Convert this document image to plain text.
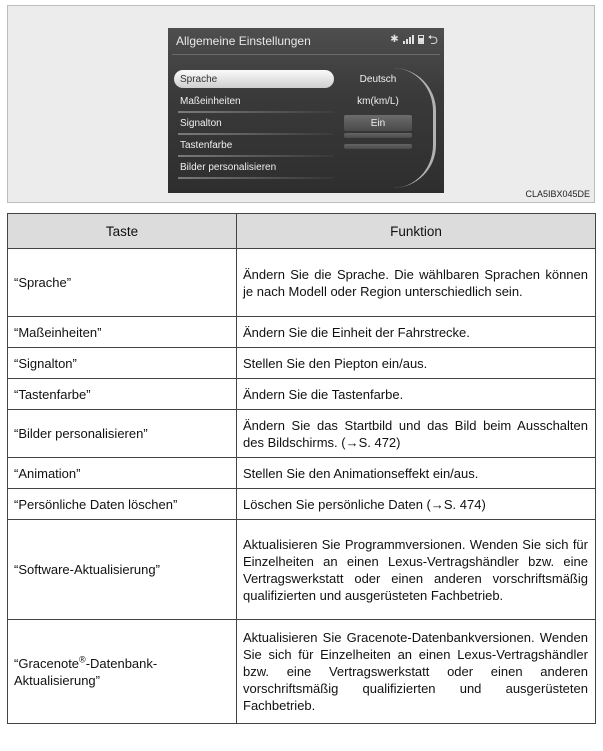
Allgemeine Einstellungen	✱ ⮌
Sprache
Maßeinheiten
Signalton
Tastenfarbe
Bilder personalisieren
Deutsch
km(km/L)
Ein
CLA5IBX045DE
Taste	Funktion
“Sprache”	Ändern Sie die Sprache. Die wählbaren Sprachen können je nach Modell oder Region unterschiedlich sein.
“Maßeinheiten”	Ändern Sie die Einheit der Fahrstrecke.
“Signalton”	Stellen Sie den Piepton ein/aus.
“Tastenfarbe”	Ändern Sie die Tastenfarbe.
“Bilder personalisieren”	Ändern Sie das Startbild und das Bild beim Ausschalten des Bildschirms. (→S. 472)
“Animation”	Stellen Sie den Animationseffekt ein/aus.
“Persönliche Daten löschen”	Löschen Sie persönliche Daten (→S. 474)
“Software-Aktualisierung”	Aktualisieren Sie Programmversionen. Wenden Sie sich für Einzelheiten an einen Lexus-Vertragshändler bzw. eine Vertragswerkstatt oder einen anderen vorschriftsmäßig qualifizierten und ausgerüsteten Fachbetrieb.
“Gracenote®-Datenbank-Aktualisierung”	Aktualisieren Sie Gracenote-Datenbankversionen. Wenden Sie sich für Einzelheiten an einen Lexus-Vertragshändler bzw. eine Vertragswerkstatt oder einen anderen vorschriftsmäßig qualifizierten und ausgerüsteten Fachbetrieb.
